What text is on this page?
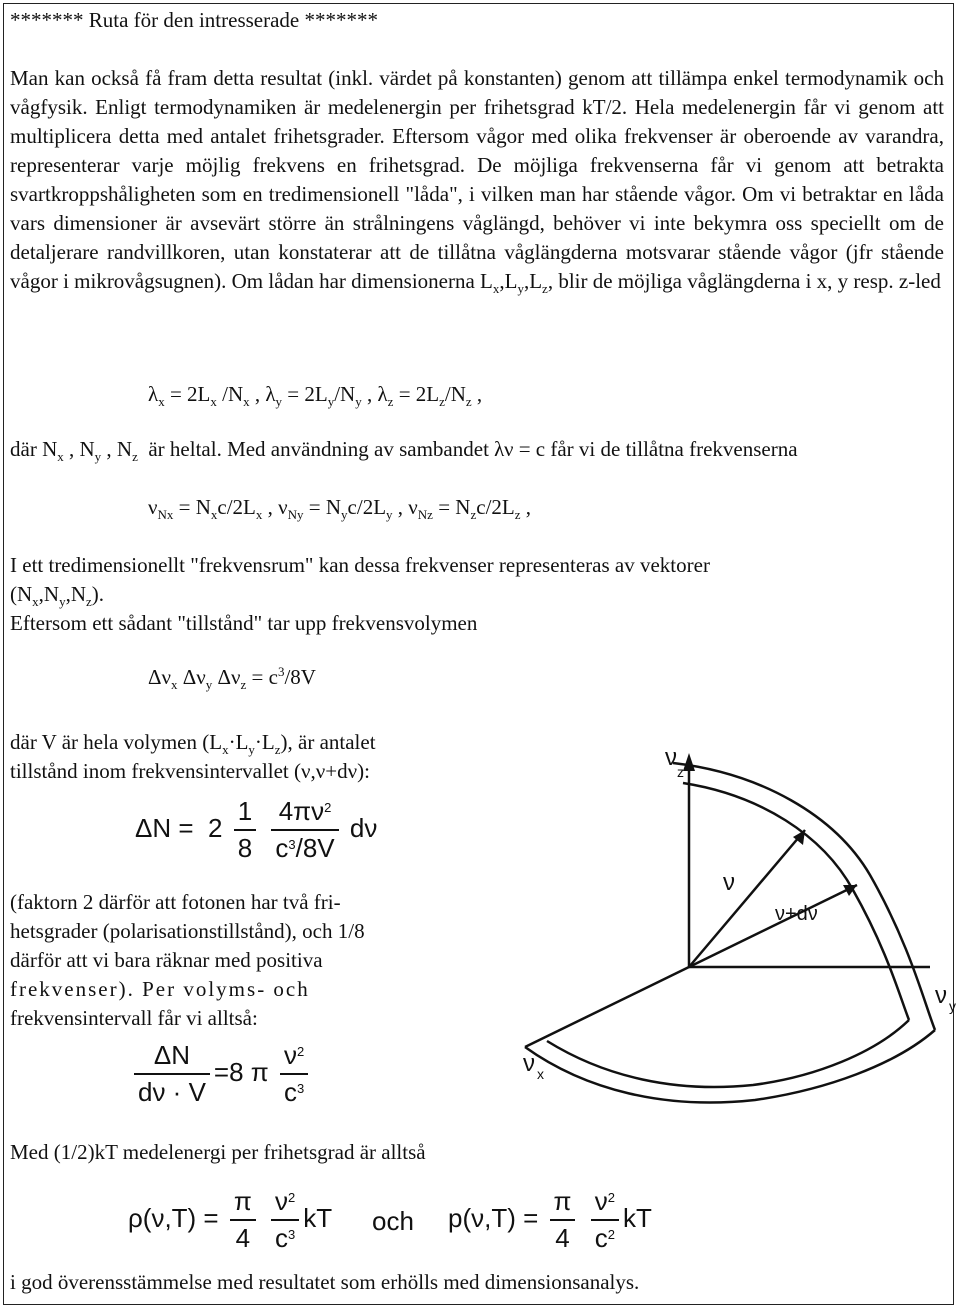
******* Ruta för den intresserade *******
Man kan också få fram detta resultat (inkl. värdet på konstanten) genom att tillämpa enkel termodynamik och vågfysik. Enligt termodynamiken är medelenergin per frihetsgrad kT/2. Hela medelenergin får vi genom att multiplicera detta med antalet frihetsgrader. Eftersom vågor med olika frekvenser är oberoende av varandra, representerar varje möjlig frekvens en frihetsgrad. De möjliga frekvenserna får vi genom att betrakta svartkroppshåligheten som en tredimensionell "låda", i vilken man har stående vågor. Om vi betraktar en låda vars dimensioner är avsevärt större än strålningens våglängd, behöver vi inte bekymra oss speciellt om de detaljerare randvillkoren, utan konstaterar att de tillåtna våglängderna motsvarar stående vågor (jfr stående vågor i mikrovågsugnen). Om lådan har dimensionerna $L_x,L_y,L_z$, blir de möjliga våglängderna i x, y resp. z-led
$\lambda_x = 2L_x$ $/N_x$ , $\lambda_y = 2L_y/N_y$ , $\lambda_z = 2L_z/N_z$ ,
där $N_x$ , $N_y$ , $N_z$  är heltal. Med användning av sambandet λν = c får vi de tillåtna frekvenserna
$\nu_{Nx} = N_xc/2L_x$ , $\nu_{Ny} = N_yc/2L_y$ , $\nu_{Nz} = N_zc/2L_z$ ,
I ett tredimensionellt "frekvensrum" kan dessa frekvenser representeras av vektorer
$(N_x,N_y,N_z)$.
Eftersom ett sådant "tillstånd" tar upp frekvensvolymen
$\Delta\nu_x$ $\Delta\nu_y$ $\Delta\nu_z = c^3/8V$
där V är hela volymen $(L_x\cdot L_y\cdot L_z)$, är antalet
tillstånd inom frekvensintervallet (ν,ν+dν):
$\Delta N = 2 \frac{1}{8}$
$\frac{4\pi\nu^2}{c^3/8V}$ dν
(faktorn 2 därför att fotonen har två fri-
hetsgrader (polarisationstillstånd), och 1/8
därför att vi bara räknar med positiva
frekvenser). Per volyms- och
frekvensintervall får vi alltså:
$\frac{\Delta N}{d\nu \cdot V} =8$ π $\frac{\nu^2}{c^3}$
Med (1/2)kT medelenergi per frihetsgrad är alltså
$\rho(\nu,T) = \frac{\pi}{4}$
$\frac{\nu^2}{c^3}$ kT och $p(\nu,T) = \frac{\pi}{4}$
$\frac{\nu^2}{c^2}$ kT
i god överensstämmelse med resultatet som erhölls med dimensionsanalys.
ν
z
ν
ν+dν
ν y
ν x
